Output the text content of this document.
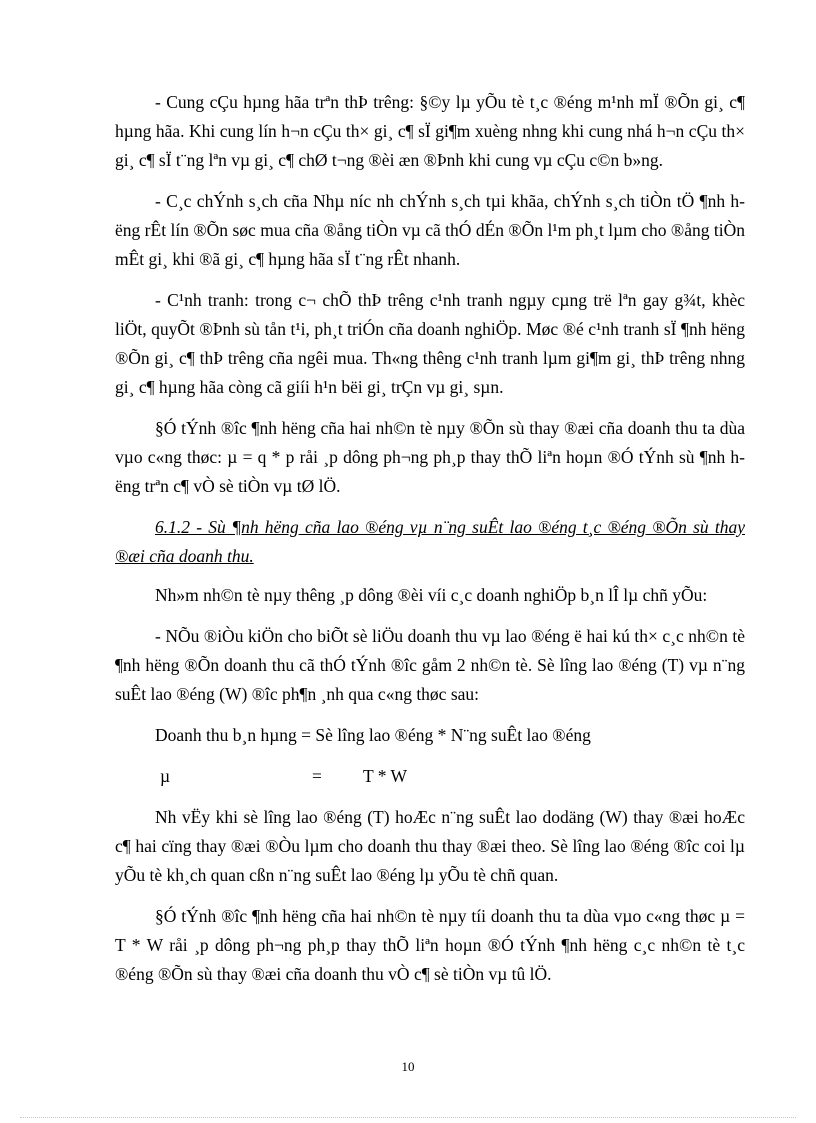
- Cung cÇu hµng hãa trªn thÞ trêng: §©y lµ yÕu tè t¸c ®éng m¹nh mÏ ®Õn gi¸ c¶ hµng hãa. Khi cung lín h¬n cÇu th× gi¸ c¶ sÏ gi¶m xuèng nhng khi cung nhá h¬n cÇu th× gi¸ c¶ sÏ t¨ng lªn vµ gi¸ c¶ chØ t¬ng ®èi æn ®Þnh khi cung vµ cÇu c©n b»ng.

- C¸c chÝnh s¸ch cña Nhµ níc nh chÝnh s¸ch tµi khãa, chÝnh s¸ch tiÒn tÖ ¶nh hëng rÊt lín ®Õn søc mua cña ®ång tiÒn vµ cã thÓ dÉn ®Õn l¹m ph¸t lµm cho ®ång tiÒn mÊt gi¸ khi ®ã gi¸ c¶ hµng hãa sÏ t¨ng rÊt nhanh.

- C¹nh tranh: trong c¬ chÕ thÞ trêng c¹nh tranh ngµy cµng trë lªn gay g¾t, khèc liÖt, quyÕt ®Þnh sù tån t¹i, ph¸t triÓn cña doanh nghiÖp. Møc ®é c¹nh tranh sÏ ¶nh hëng ®Õn gi¸ c¶ thÞ trêng cña ngêi mua. Th«ng thêng c¹nh tranh lµm gi¶m gi¸ thÞ trêng nhng gi¸ c¶ hµng hãa còng cã giíi h¹n bëi gi¸ trÇn vµ gi¸ sµn.

§Ó tÝnh ®îc ¶nh hëng cña hai nh©n tè nµy ®Õn sù thay ®æi cña doanh thu ta dùa vµo c«ng thøc: µ = q * p råi ¸p dông ph¬ng ph¸p thay thÕ liªn hoµn ®Ó tÝnh sù ¶nh hëng trªn c¶ vÒ sè tiÒn vµ tØ lÖ.

6.1.2 - Sù ¶nh hëng cña lao ®éng vµ n¨ng suÊt lao ®éng t¸c ®éng ®Õn sù thay ®æi cña doanh thu.

Nh»m nh©n tè nµy thêng ¸p dông ®èi víi c¸c doanh nghiÖp b¸n lÎ lµ chñ yÕu:

- NÕu ®iÒu kiÖn cho biÕt sè liÖu doanh thu vµ lao ®éng ë hai kú th× c¸c nh©n tè ¶nh hëng ®Õn doanh thu cã thÓ tÝnh ®îc gåm 2 nh©n tè. Sè lîng lao ®éng (T) vµ n¨ng suÊt lao ®éng (W) ®îc ph¶n ¸nh qua c«ng thøc sau:

Doanh thu b¸n hµng = Sè lîng lao ®éng * N¨ng suÊt lao ®éng

µ	= T * W

Nh vËy khi sè lîng lao ®éng (T) hoÆc n¨ng suÊt lao dodäng (W) thay ®æi hoÆc c¶ hai cïng thay ®æi ®Òu lµm cho doanh thu thay ®æi theo. Sè lîng lao ®éng ®îc coi lµ yÕu tè kh¸ch quan cßn n¨ng suÊt lao ®éng lµ yÕu tè chñ quan.

§Ó tÝnh ®îc ¶nh hëng cña hai nh©n tè nµy tíi doanh thu ta dùa vµo c«ng thøc µ = T * W råi ¸p dông ph¬ng ph¸p thay thÕ liªn hoµn ®Ó tÝnh ¶nh hëng c¸c nh©n tè t¸c ®éng ®Õn sù thay ®æi cña doanh thu vÒ c¶ sè tiÒn vµ tû lÖ.

10
